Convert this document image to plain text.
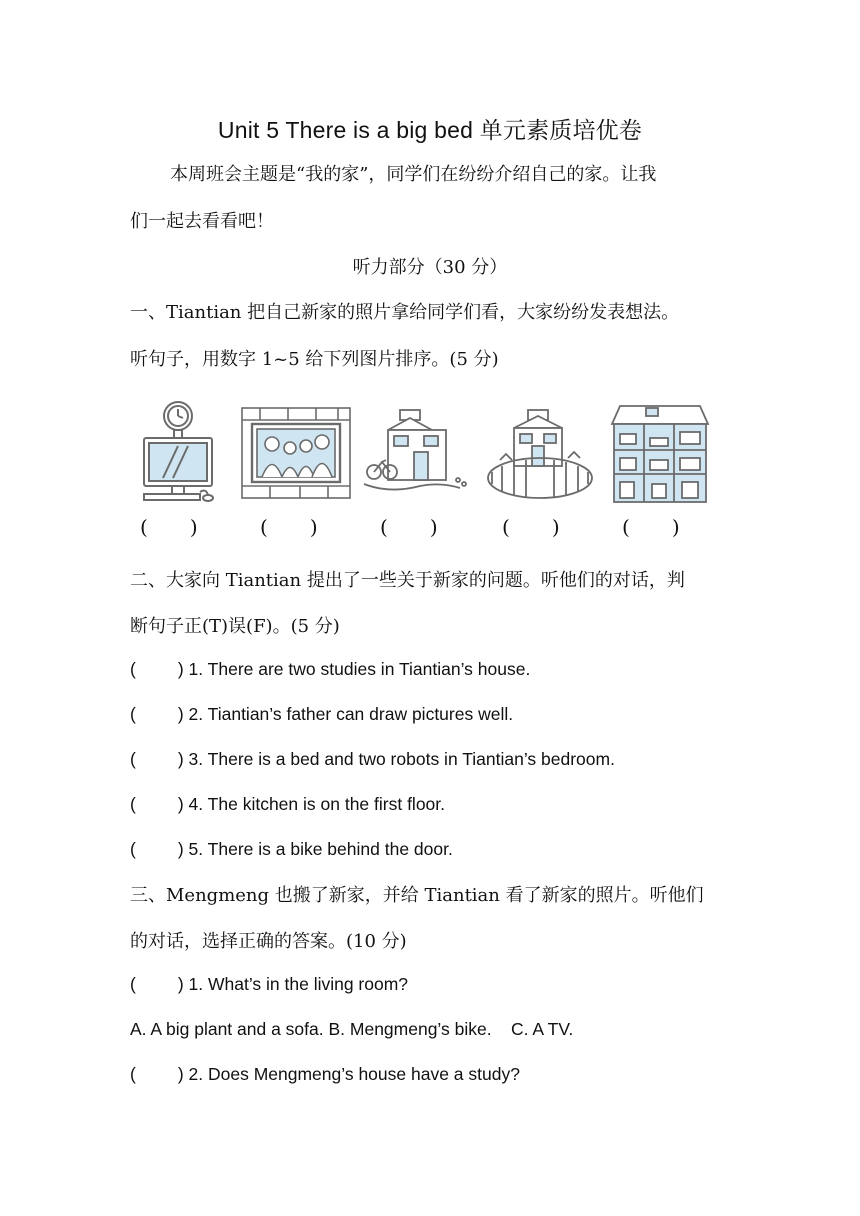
Unit 5 There is a big bed 单元素质培优卷
本周班会主题是“我的家”，同学们在纷纷介绍自己的家。让我
们一起去看看吧！
听力部分（30 分）
一、Tiantian 把自己新家的照片拿给同学们看，大家纷纷发表想法。
听句子，用数字 1~5 给下列图片排序。(5 分)
( )	( )	( )	( )	( )
二、大家向 Tiantian 提出了一些关于新家的问题。听他们的对话，判
断句子正(T)误(F)。(5 分)
( ) 1. There are two studies in Tiantian’s house.
( ) 2. Tiantian’s father can draw pictures well.
( ) 3. There is a bed and two robots in Tiantian’s bedroom.
( ) 4. The kitchen is on the first floor.
( ) 5. There is a bike behind the door.
三、Mengmeng 也搬了新家，并给 Tiantian 看了新家的照片。听他们
的对话，选择正确的答案。(10 分)
( ) 1. What’s in the living room?
A. A big plant and a sofa. B. Mengmeng’s bike.    C. A TV.
( ) 2. Does Mengmeng’s house have a study?
